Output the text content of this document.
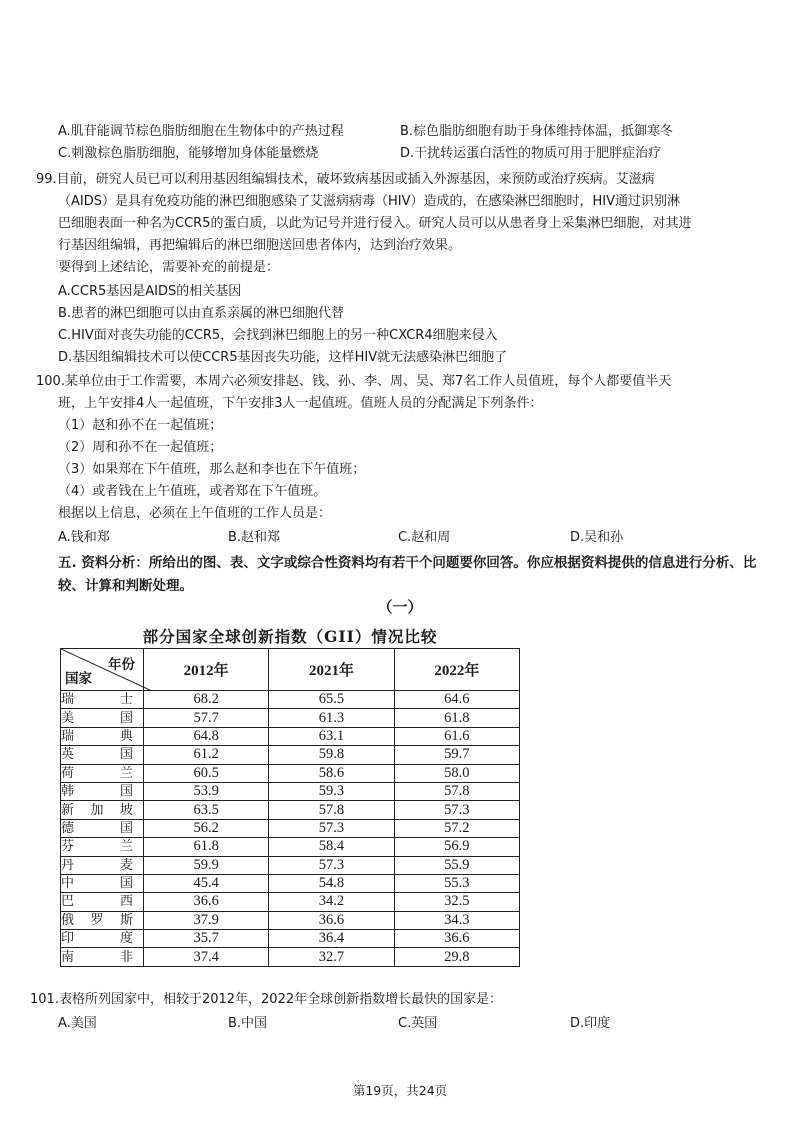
A.肌苷能调节棕色脂肪细胞在生物体中的产热过程	B.棕色脂肪细胞有助于身体维持体温，抵御寒冬
C.刺激棕色脂肪细胞，能够增加身体能量燃烧	D.干扰转运蛋白活性的物质可用于肥胖症治疗
99.目前，研究人员已可以利用基因组编辑技术，破坏致病基因或插入外源基因，来预防或治疗疾病。艾滋病
（AIDS）是具有免疫功能的淋巴细胞感染了艾滋病病毒（HIV）造成的，在感染淋巴细胞时，HIV通过识别淋
巴细胞表面一种名为CCR5的蛋白质，以此为记号并进行侵入。研究人员可以从患者身上采集淋巴细胞，对其进
行基因组编辑，再把编辑后的淋巴细胞送回患者体内，达到治疗效果。
要得到上述结论，需要补充的前提是：
A.CCR5基因是AIDS的相关基因
B.患者的淋巴细胞可以由直系亲属的淋巴细胞代替
C.HIV面对丧失功能的CCR5，会找到淋巴细胞上的另一种CXCR4细胞来侵入
D.基因组编辑技术可以使CCR5基因丧失功能，这样HIV就无法感染淋巴细胞了
100.某单位由于工作需要，本周六必须安排赵、钱、孙、李、周、吴、郑7名工作人员值班，每个人都要值半天
班，上午安排4人一起值班，下午安排3人一起值班。值班人员的分配满足下列条件：
（1）赵和孙不在一起值班；
（2）周和孙不在一起值班；
（3）如果郑在下午值班，那么赵和李也在下午值班；
（4）或者钱在上午值班，或者郑在下午值班。
根据以上信息，必须在上午值班的工作人员是：
A.钱和郑	B.赵和郑	C.赵和周	D.吴和孙
五. 资料分析：所给出的图、表、文字或综合性资料均有若干个问题要你回答。你应根据资料提供的信息进行分析、比较、计算和判断处理。
（一）
部分国家全球创新指数（GII）情况比较
年份
国家	2012年	2021年	2022年

瑞 士	68.2	65.5	64.6

美 国	57.7	61.3	61.8

瑞 典	64.8	63.1	61.6

英 国	61.2	59.8	59.7

荷 兰	60.5	58.6	58.0

韩 国	53.9	59.3	57.8

新 加 坡	63.5	57.8	57.3

德 国	56.2	57.3	57.2

芬 兰	61.8	58.4	56.9

丹 麦	59.9	57.3	55.9

中 国	45.4	54.8	55.3

巴 西	36.6	34.2	32.5

俄 罗 斯	37.9	36.6	34.3

印 度	35.7	36.4	36.6

南 非	37.4	32.7	29.8
101.表格所列国家中，相较于2012年，2022年全球创新指数增长最快的国家是：
A.美国	B.中国	C.英国	D.印度
第19页，共24页
